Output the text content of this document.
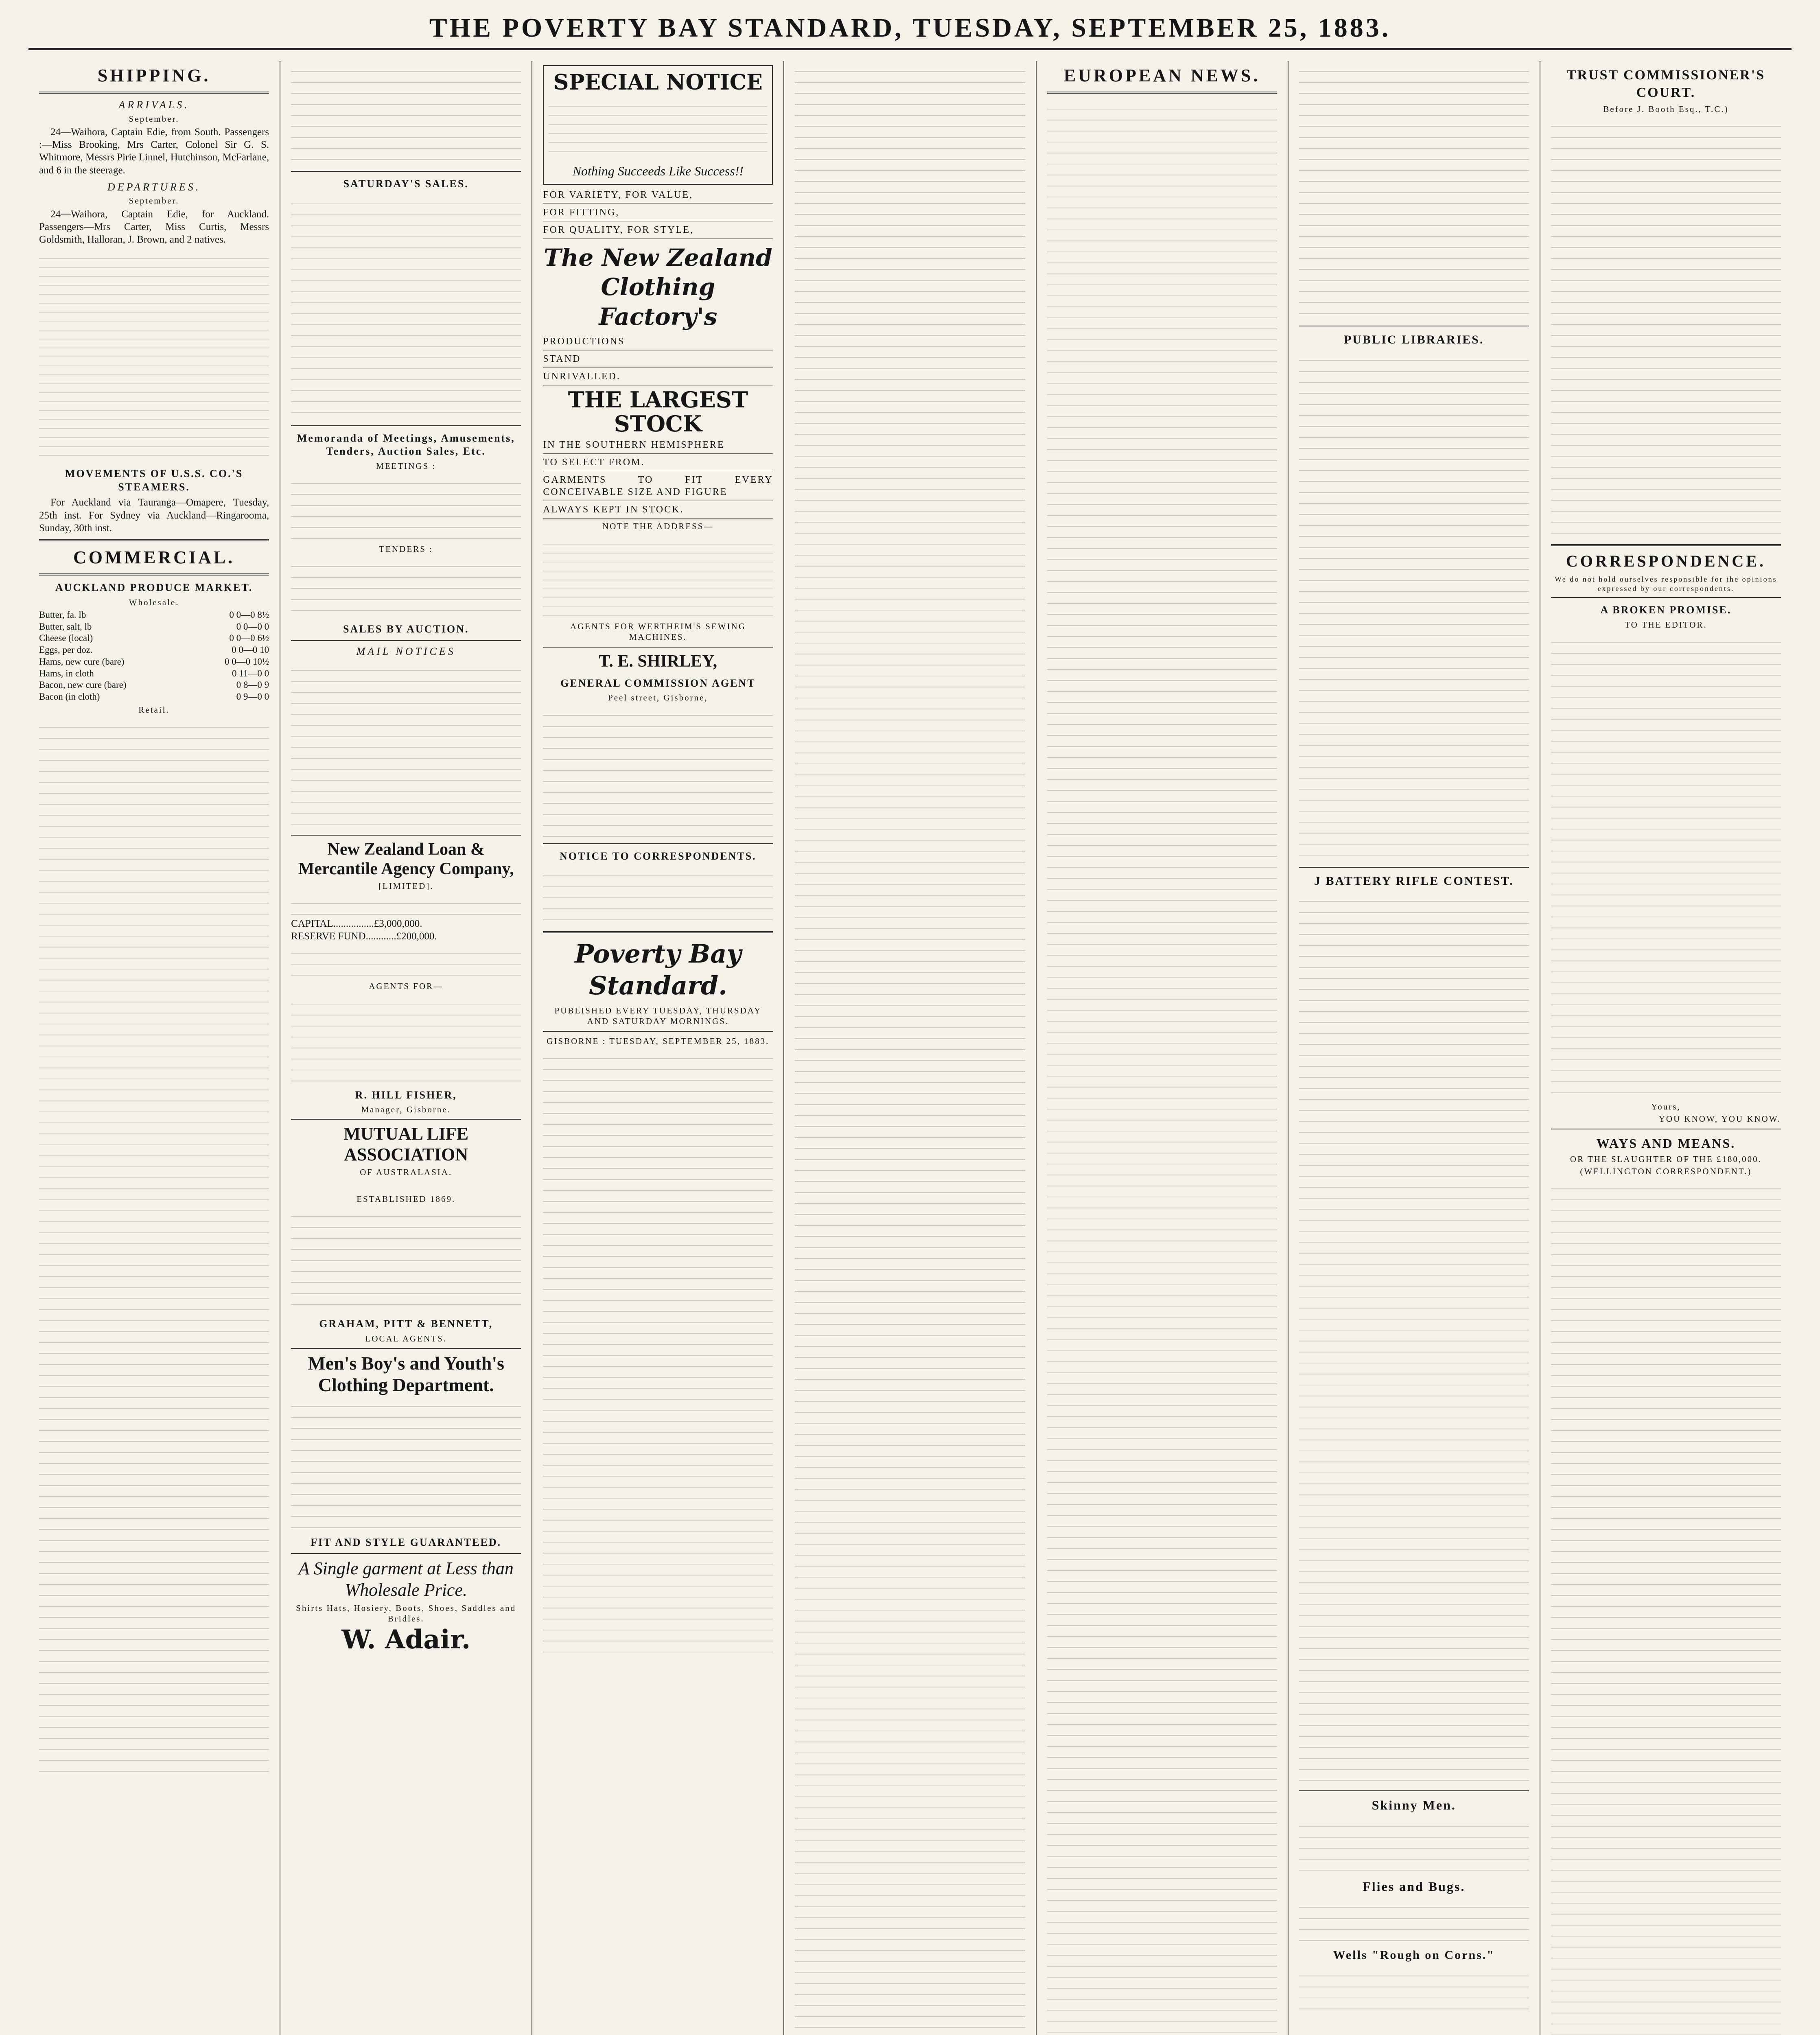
THE POVERTY BAY STANDARD, TUESDAY, SEPTEMBER 25, 1883.
SHIPPING.
ARRIVALS.
September.

24—Waihora, Captain Edie, from South. Passengers :—Miss Brooking, Mrs Carter, Colonel Sir G. S. Whitmore, Messrs Pirie Linnel, Hutchinson, McFarlane, and 6 in the steerage.

DEPARTURES.
September.

24—Waihora, Captain Edie, for Auckland. Passengers—Mrs Carter, Miss Curtis, Messrs Goldsmith, Halloran, J. Brown, and 2 natives.

MOVEMENTS OF U.S.S. CO.'S STEAMERS.

For Auckland via Tauranga—Omapere, Tuesday, 25th inst. For Sydney via Auckland—Ringarooma, Sunday, 30th inst.

COMMERCIAL.
AUCKLAND PRODUCE MARKET.
Wholesale.
Butter, fa. lb	0 0—0 8½
Butter, salt, lb	0 0—0 0
Cheese (local)	0 0—0 6½
Eggs, per doz.	0 0—0 10
Hams, new cure (bare)	0 0—0 10½
Hams, in cloth	0 11—0 0
Bacon, new cure (bare)	0 8—0 9
Bacon (in cloth)	0 9—0 0
Retail.
SATURDAY'S SALES.
Memoranda of Meetings, Amusements, Tenders, Auction Sales, Etc.
MEETINGS :
TENDERS :
SALES BY AUCTION.
MAIL NOTICES
New Zealand Loan & Mercantile Agency Company,
[LIMITED].
CAPITAL................£3,000,000.
RESERVE FUND............£200,000.
AGENTS FOR—
R. HILL FISHER,
Manager, Gisborne.
MUTUAL LIFE ASSOCIATION
OF AUSTRALASIA.
ESTABLISHED 1869.
GRAHAM, PITT & BENNETT,
LOCAL AGENTS.
Men's Boy's and Youth's Clothing Department.
FIT AND STYLE GUARANTEED.
A Single garment at Less than Wholesale Price.
Shirts Hats, Hosiery, Boots, Shoes, Saddles and Bridles.
W. Adair.
SPECIAL NOTICE
Nothing Succeeds Like Success!!
FOR VARIETY, FOR VALUE,
FOR FITTING,
FOR QUALITY, FOR STYLE,
The New Zealand Clothing Factory's
PRODUCTIONS
STAND
UNRIVALLED.
THE LARGEST STOCK
IN THE SOUTHERN HEMISPHERE
TO SELECT FROM.
GARMENTS TO FIT EVERY CONCEIVABLE SIZE AND FIGURE
ALWAYS KEPT IN STOCK.
NOTE THE ADDRESS—
AGENTS FOR WERTHEIM'S SEWING MACHINES.
T. E. SHIRLEY,
GENERAL COMMISSION AGENT
Peel street, Gisborne,
NOTICE TO CORRESPONDENTS.
Poverty Bay Standard.
PUBLISHED EVERY TUESDAY, THURSDAY AND SATURDAY MORNINGS.
GISBORNE : TUESDAY, SEPTEMBER 25, 1883.
EUROPEAN NEWS.
PUBLIC LIBRARIES.
J BATTERY RIFLE CONTEST.
Skinny Men.
Flies and Bugs.
Wells "Rough on Corns."
TRUST COMMISSIONER'S COURT.
Before J. Booth Esq., T.C.)
CORRESPONDENCE.
We do not hold ourselves responsible for the opinions expressed by our correspondents.
A BROKEN PROMISE.
TO THE EDITOR.
Yours,
YOU KNOW, YOU KNOW.
WAYS AND MEANS.
OR THE SLAUGHTER OF THE £180,000.
(WELLINGTON CORRESPONDENT.)
